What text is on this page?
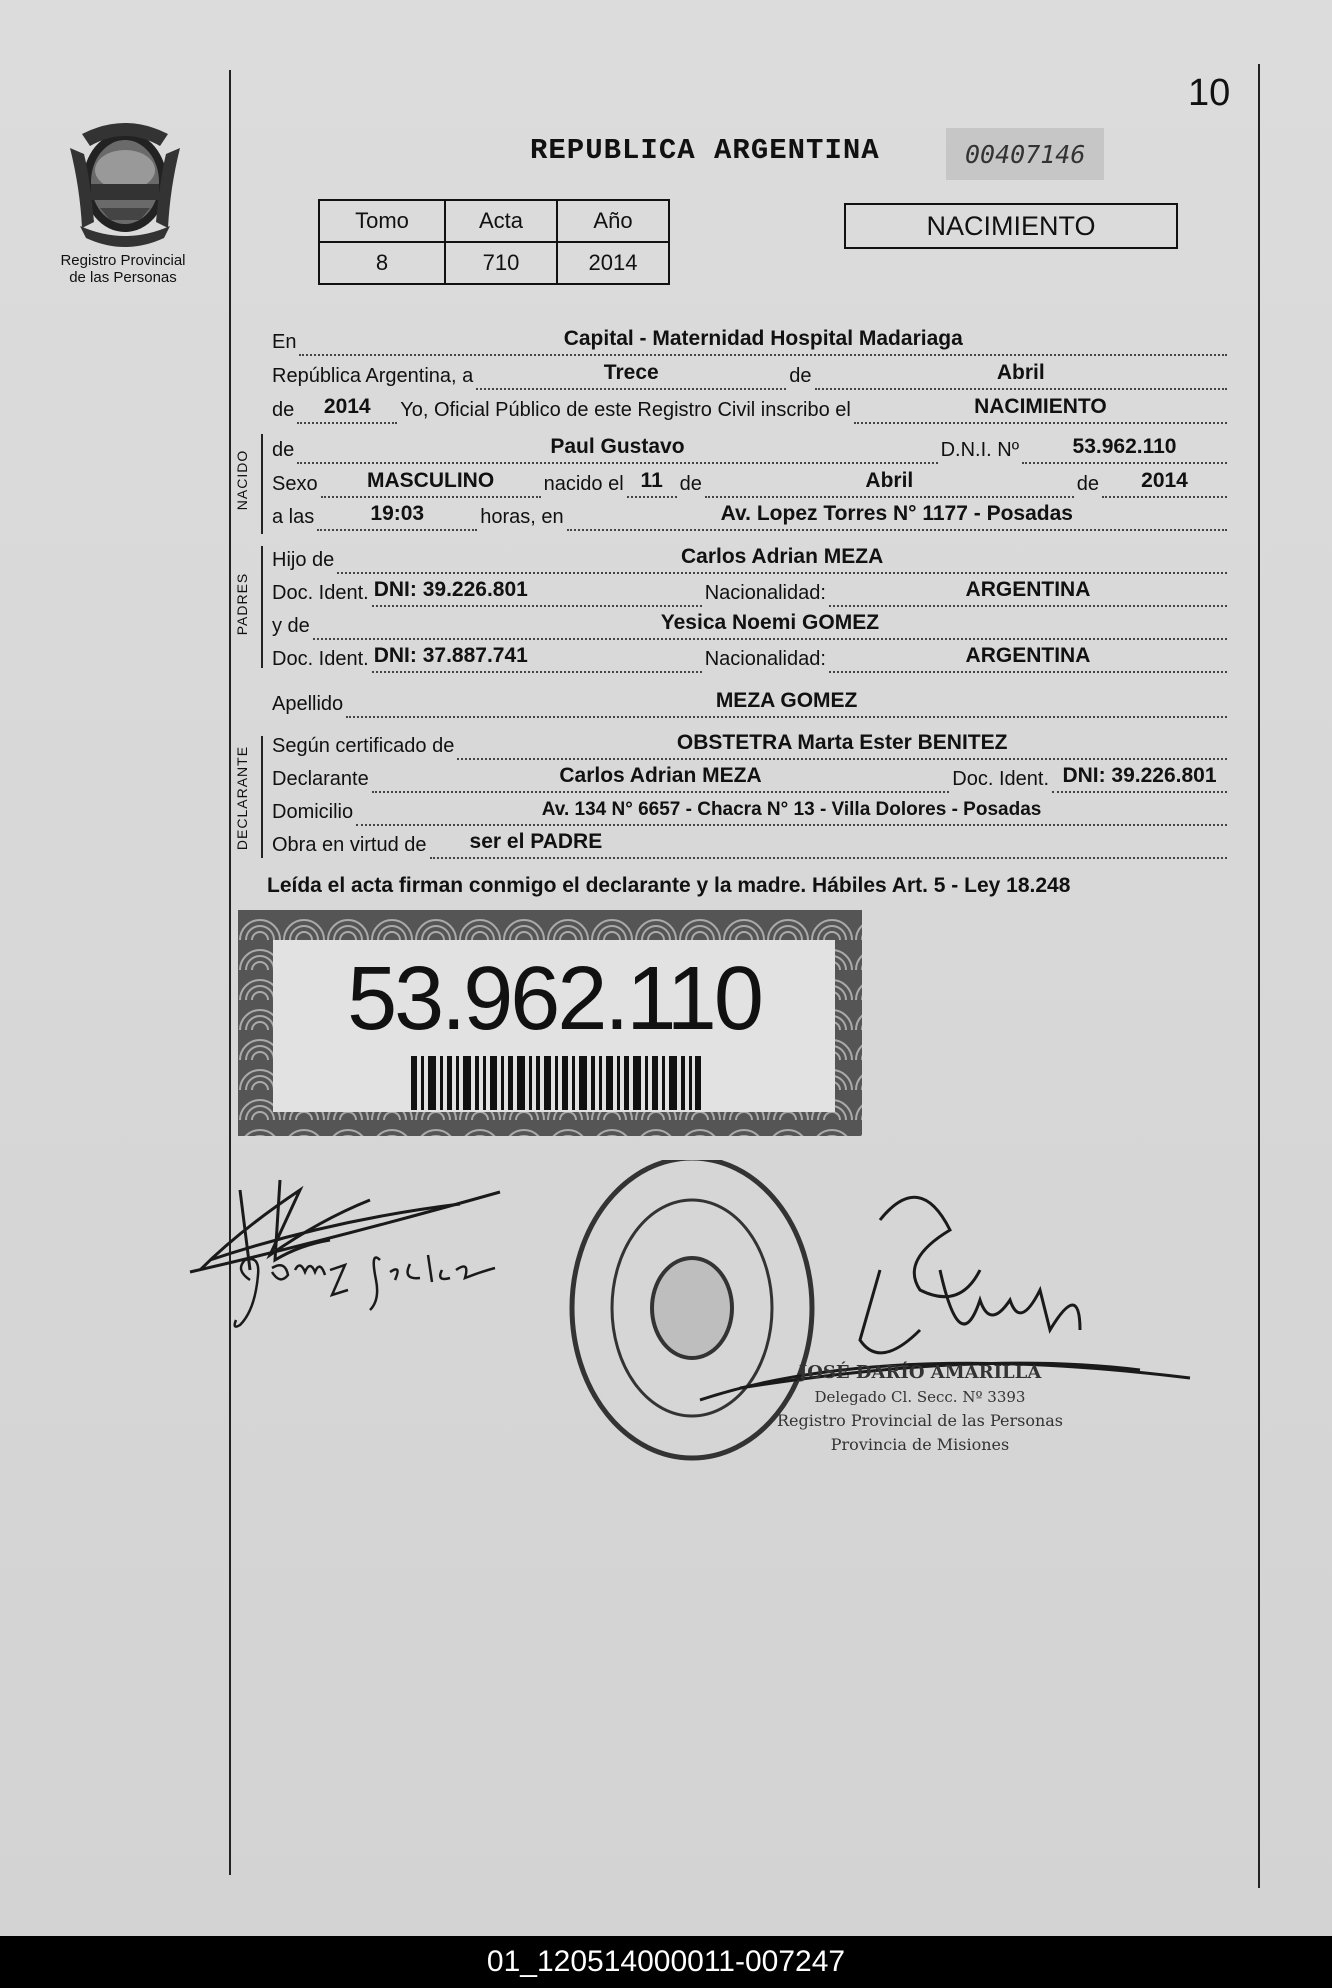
10
Registro Provincial
de las Personas
REPUBLICA ARGENTINA	00407146
Tomo	Acta	Año
8	710	2014
NACIMIENTO
En	Capital - Maternidad Hospital Madariaga
República Argentina, a	Trece	de	Abril
de	2014	Yo, Oficial Público de este Registro Civil inscribo el	NACIMIENTO
NACIDO de	Paul Gustavo	D.N.I. Nº	53.962.110
Sexo	MASCULINO	nacido el 11 de	Abril	de	2014
a las	19:03	horas, en	Av. Lopez Torres N° 1177 - Posadas
PADRES
Hijo de	Carlos Adrian MEZA
Doc. Ident. DNI: 39.226.801	Nacionalidad:	ARGENTINA
y de	Yesica Noemi GOMEZ
Doc. Ident. DNI: 37.887.741	Nacionalidad:	ARGENTINA
Apellido	MEZA GOMEZ
DECLARANTE Según certificado de	OBSTETRA Marta Ester BENITEZ
Declarante	Carlos Adrian MEZA	Doc. Ident. DNI: 39.226.801
Domicilio	Av. 134 N° 6657 - Chacra N° 13 - Villa Dolores - Posadas
Obra en virtud de	ser el PADRE
Leída el acta firman conmigo el declarante y la madre. Hábiles Art. 5 - Ley 18.248
53.962.110
JOSÉ DARÍO AMARILLA
Delegado Cl. Secc. Nº 3393
Registro Provincial de las Personas
Provincia de Misiones
01_120514000011-007247
